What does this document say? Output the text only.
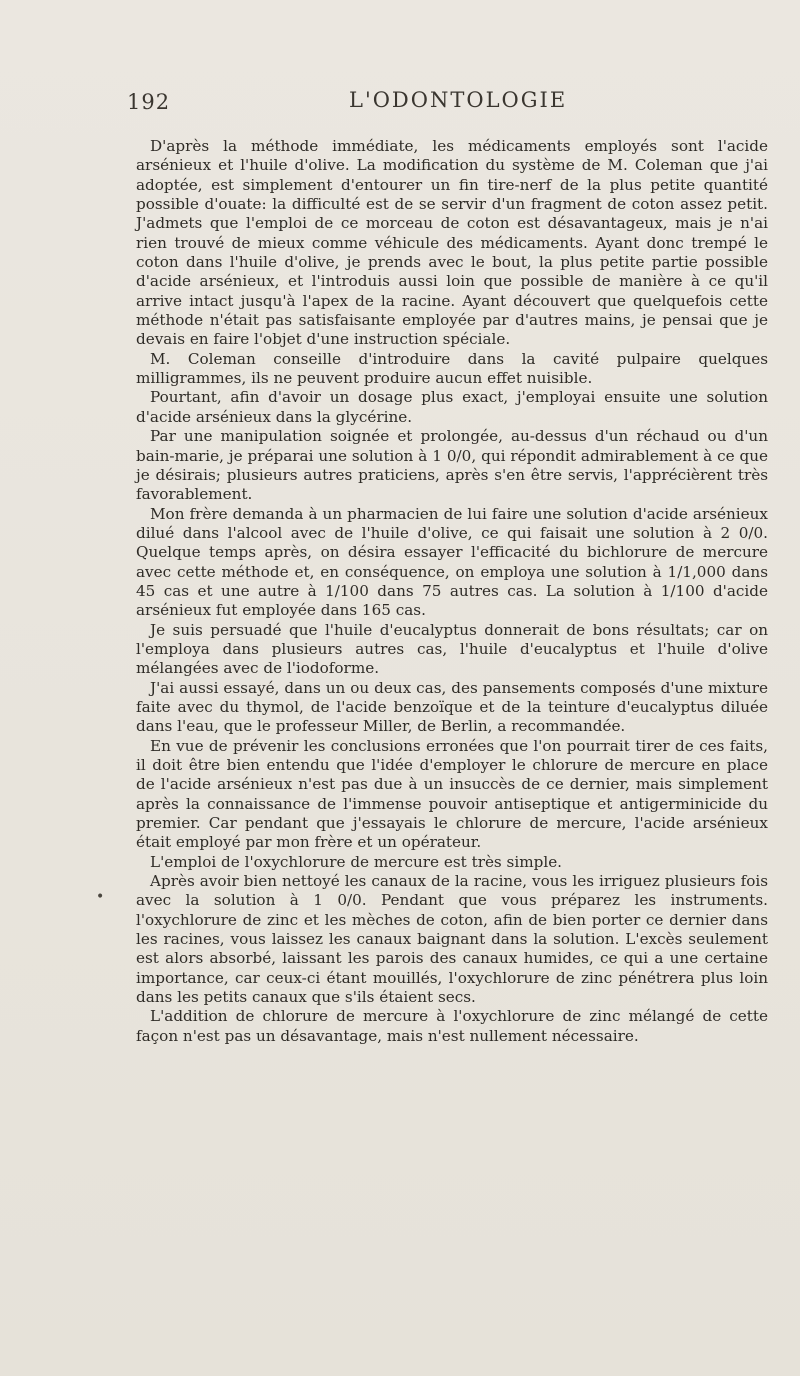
192	L'ODONTOLOGIE
•

D'après la méthode immédiate, les médicaments employés sont l'acide arsénieux et l'huile d'olive. La modification du système de M. Coleman que j'ai adoptée, est simplement d'entourer un fin tire-nerf de la plus petite quantité possible d'ouate: la difficulté est de se servir d'un fragment de coton assez petit. J'admets que l'emploi de ce morceau de coton est désavantageux, mais je n'ai rien trouvé de mieux comme véhicule des médicaments. Ayant donc trempé le coton dans l'huile d'olive, je prends avec le bout, la plus petite partie possible d'acide arsénieux, et l'introduis aussi loin que possible de manière à ce qu'il arrive intact jusqu'à l'apex de la racine. Ayant découvert que quelquefois cette méthode n'était pas satisfaisante employée par d'autres mains, je pensai que je devais en faire l'objet d'une instruction spéciale.

M. Coleman conseille d'introduire dans la cavité pulpaire quelques milligrammes, ils ne peuvent produire aucun effet nuisible.

Pourtant, afin d'avoir un dosage plus exact, j'employai ensuite une solution d'acide arsénieux dans la glycérine.

Par une manipulation soignée et prolongée, au-dessus d'un réchaud ou d'un bain-marie, je préparai une solution à 1 0/0, qui répondit admirablement à ce que je désirais; plusieurs autres praticiens, après s'en être servis, l'apprécièrent très favorablement.

Mon frère demanda à un pharmacien de lui faire une solution d'acide arsénieux dilué dans l'alcool avec de l'huile d'olive, ce qui faisait une solution à 2 0/0. Quelque temps après, on désira essayer l'efficacité du bichlorure de mercure avec cette méthode et, en conséquence, on employa une solution à 1/1,000 dans 45 cas et une autre à 1/100 dans 75 autres cas. La solution à 1/100 d'acide arsénieux fut employée dans 165 cas.

Je suis persuadé que l'huile d'eucalyptus donnerait de bons résultats; car on l'employa dans plusieurs autres cas, l'huile d'eucalyptus et l'huile d'olive mélangées avec de l'iodoforme.

J'ai aussi essayé, dans un ou deux cas, des pansements composés d'une mixture faite avec du thymol, de l'acide benzoïque et de la teinture d'eucalyptus diluée dans l'eau, que le professeur Miller, de Berlin, a recommandée.

En vue de prévenir les conclusions erronées que l'on pourrait tirer de ces faits, il doit être bien entendu que l'idée d'employer le chlorure de mercure en place de l'acide arsénieux n'est pas due à un insuccès de ce dernier, mais simplement après la connaissance de l'immense pouvoir antiseptique et antigerminicide du premier. Car pendant que j'essayais le chlorure de mercure, l'acide arsénieux était employé par mon frère et un opérateur.

L'emploi de l'oxychlorure de mercure est très simple.

Après avoir bien nettoyé les canaux de la racine, vous les irriguez plusieurs fois avec la solution à 1 0/0. Pendant que vous préparez les instruments. l'oxychlorure de zinc et les mèches de coton, afin de bien porter ce dernier dans les racines, vous laissez les canaux baignant dans la solution. L'excès seulement est alors absorbé, laissant les parois des canaux humides, ce qui a une certaine importance, car ceux-ci étant mouillés, l'oxychlorure de zinc pénétrera plus loin dans les petits canaux que s'ils étaient secs.

L'addition de chlorure de mercure à l'oxychlorure de zinc mélangé de cette façon n'est pas un désavantage, mais n'est nullement nécessaire.
